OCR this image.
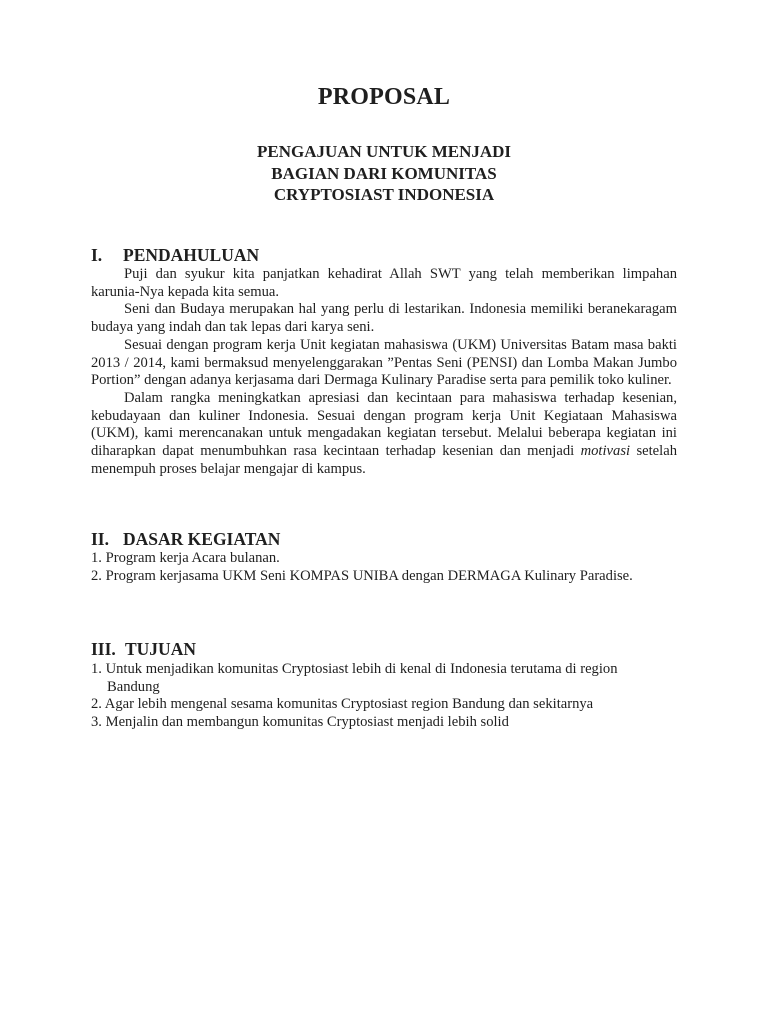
PROPOSAL
PENGAJUAN UNTUK MENJADI
BAGIAN DARI KOMUNITAS
CRYPTOSIAST INDONESIA
I. PENDAHULUAN

Puji dan syukur kita panjatkan kehadirat Allah SWT yang telah memberikan limpahan karunia-Nya kepada kita semua.

Seni dan Budaya merupakan hal yang perlu di lestarikan. Indonesia memiliki beranekaragam budaya yang indah dan tak lepas dari karya seni.

Sesuai dengan program kerja Unit kegiatan mahasiswa (UKM) Universitas Batam masa bakti 2013 / 2014, kami bermaksud menyelenggarakan ”Pentas Seni (PENSI) dan Lomba Makan Jumbo Portion” dengan adanya kerjasama dari Dermaga Kulinary Paradise serta para pemilik toko kuliner.

Dalam rangka meningkatkan apresiasi dan kecintaan para mahasiswa terhadap kesenian, kebudayaan dan kuliner Indonesia. Sesuai dengan program kerja Unit Kegiataan Mahasiswa (UKM), kami merencanakan untuk mengadakan kegiatan tersebut. Melalui beberapa kegiatan ini diharapkan dapat menumbuhkan rasa kecintaan terhadap kesenian dan menjadi motivasi setelah menempuh proses belajar mengajar di kampus.

II. DASAR KEGIATAN

1. Program kerja Acara bulanan.

2. Program kerjasama UKM Seni KOMPAS UNIBA dengan DERMAGA Kulinary Paradise.

III. TUJUAN

1. Untuk menjadikan komunitas Cryptosiast lebih di kenal di Indonesia terutama di region Bandung

2. Agar lebih mengenal sesama komunitas Cryptosiast region Bandung dan sekitarnya

3. Menjalin dan membangun komunitas Cryptosiast menjadi lebih solid
